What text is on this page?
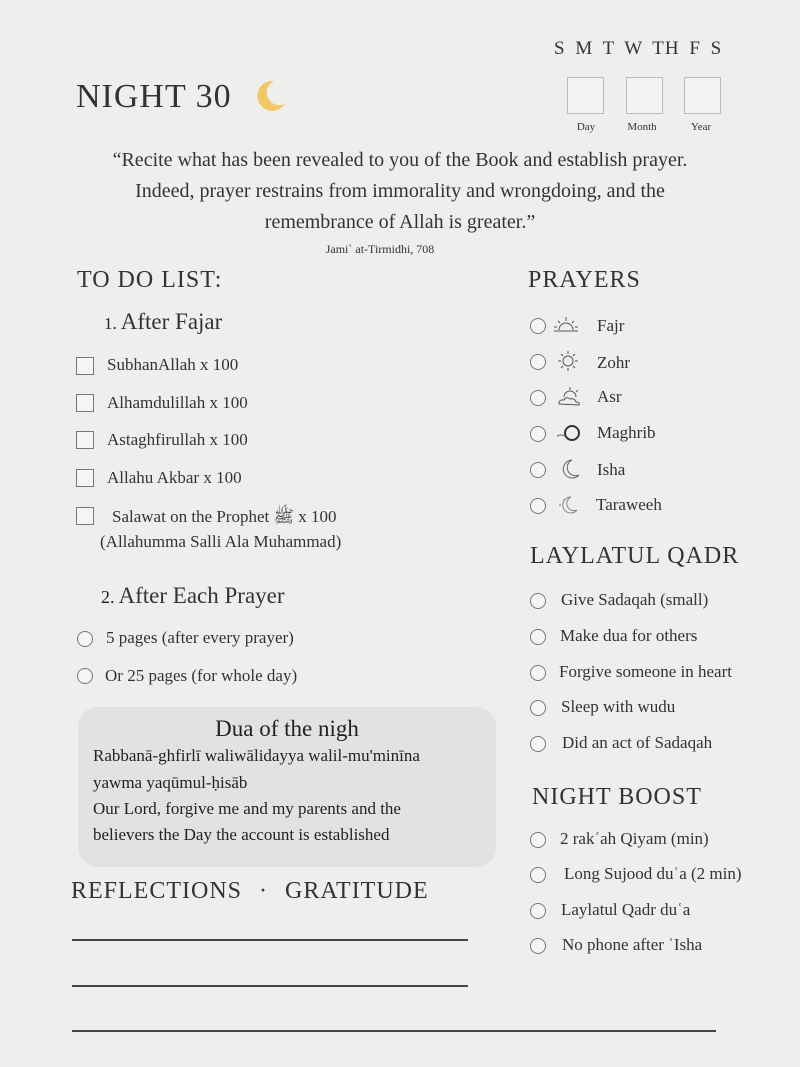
NIGHT 30
S M T W TH F S
Day	Month	Year
“Recite what has been revealed to you of the Book and establish prayer.
Indeed, prayer restrains from immorality and wrongdoing, and the
remembrance of Allah is greater.”
Jami` at-Tirmidhi, 708
TO DO LIST:
1. After Fajar
SubhanAllah x 100
Alhamdulillah x 100
Astaghfirullah x 100
Allahu Akbar x 100
Salawat on the Prophet ﷺ x 100
(Allahumma Salli Ala Muhammad)
2. After Each Prayer
5 pages (after every prayer)
Or 25 pages (for whole day)
Dua of the nigh
Rabbanā-ghfirlī waliwālidayya walil-mu'minīna
yawma yaqūmul-ḥisāb
Our Lord, forgive me and my parents and the
believers the Day the account is established
REFLECTIONS · GRATITUDE
PRAYERS
Fajr
Zohr
Asr
Maghrib
Isha
Taraweeh
LAYLATUL QADR
Give Sadaqah (small)
Make dua for others
Forgive someone in heart
Sleep with wudu
Did an act of Sadaqah
NIGHT BOOST
2 rakʿah Qiyam (min)
Long Sujood duʿa (2 min)
Laylatul Qadr duʿa
No phone after ʿIsha
